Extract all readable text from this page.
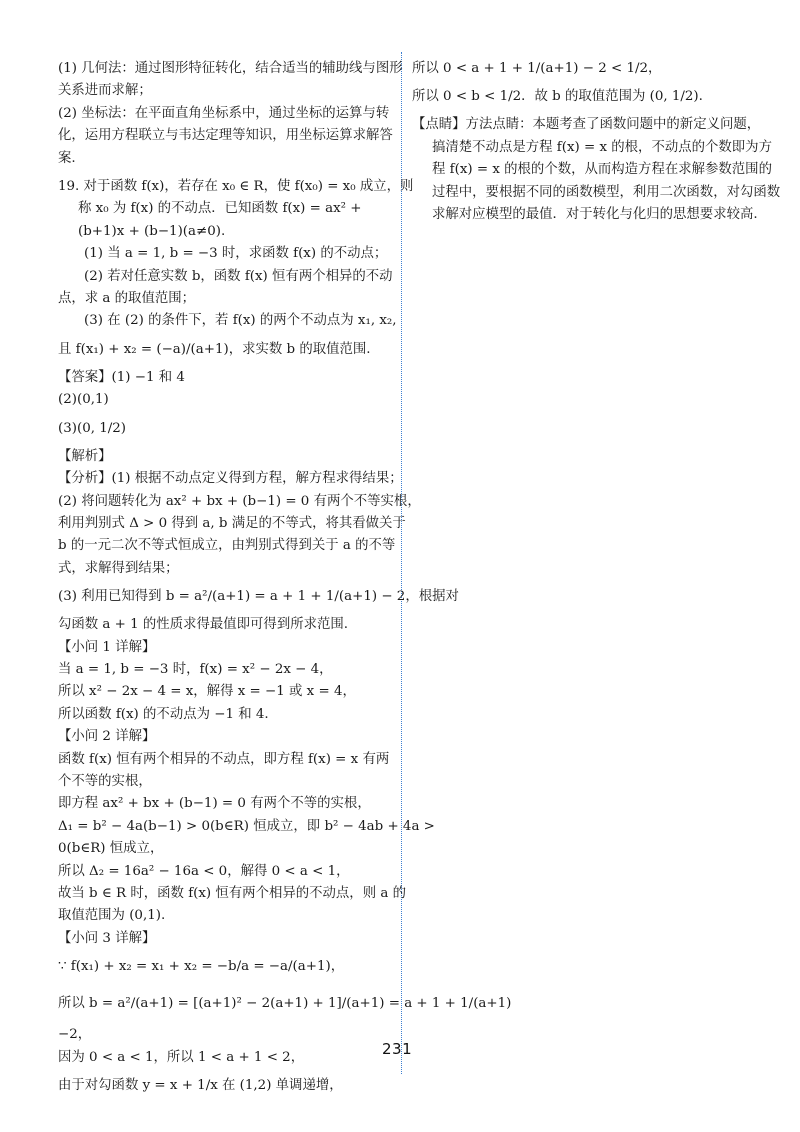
(1) 几何法：通过图形特征转化，结合适当的辅助线与图形
关系进而求解；
(2) 坐标法：在平面直角坐标系中，通过坐标的运算与转
化，运用方程联立与韦达定理等知识，用坐标运算求解答
案.
19. 对于函数 f(x)，若存在 x₀ ∈ R，使 f(x₀) = x₀ 成立，则
称 x₀ 为 f(x) 的不动点．已知函数 f(x) = ax² +
(b+1)x + (b−1)(a≠0).
(1) 当 a = 1, b = −3 时，求函数 f(x) 的不动点；
(2) 若对任意实数 b，函数 f(x) 恒有两个相异的不动
点，求 a 的取值范围；
(3) 在 (2) 的条件下，若 f(x) 的两个不动点为 x₁, x₂,
且 f(x₁) + x₂ = (−a)/(a+1)，求实数 b 的取值范围.
【答案】(1) −1 和 4
(2)(0,1)
(3)(0, 1/2)
【解析】
【分析】(1) 根据不动点定义得到方程，解方程求得结果；
(2) 将问题转化为 ax² + bx + (b−1) = 0 有两个不等实根，
利用判别式 Δ > 0 得到 a, b 满足的不等式，将其看做关于
b 的一元二次不等式恒成立，由判别式得到关于 a 的不等
式，求解得到结果；
(3) 利用已知得到 b = a²/(a+1) = a + 1 + 1/(a+1) − 2，根据对
勾函数 a + 1 的性质求得最值即可得到所求范围.
【小问 1 详解】
当 a = 1, b = −3 时，f(x) = x² − 2x − 4，
所以 x² − 2x − 4 = x，解得 x = −1 或 x = 4，
所以函数 f(x) 的不动点为 −1 和 4.
【小问 2 详解】
函数 f(x) 恒有两个相异的不动点，即方程 f(x) = x 有两
个不等的实根，
即方程 ax² + bx + (b−1) = 0 有两个不等的实根，
Δ₁ = b² − 4a(b−1) > 0(b∈R) 恒成立，即 b² − 4ab + 4a >
0(b∈R) 恒成立，
所以 Δ₂ = 16a² − 16a < 0，解得 0 < a < 1，
故当 b ∈ R 时，函数 f(x) 恒有两个相异的不动点，则 a 的
取值范围为 (0,1).
【小问 3 详解】
∵ f(x₁) + x₂ = x₁ + x₂ = −b/a = −a/(a+1)，
所以 b = a²/(a+1) = [(a+1)² − 2(a+1) + 1]/(a+1) = a + 1 + 1/(a+1)
−2，
因为 0 < a < 1，所以 1 < a + 1 < 2，
由于对勾函数 y = x + 1/x 在 (1,2) 单调递增，
所以 0 < a + 1 + 1/(a+1) − 2 < 1/2，
所以 0 < b < 1/2．故 b 的取值范围为 (0, 1/2).
【点睛】方法点睛：本题考查了函数问题中的新定义问题，
搞清楚不动点是方程 f(x) = x 的根，不动点的个数即为方
程 f(x) = x 的根的个数，从而构造方程在求解参数范围的
过程中，要根据不同的函数模型，利用二次函数，对勾函数
求解对应模型的最值．对于转化与化归的思想要求较高.
231
